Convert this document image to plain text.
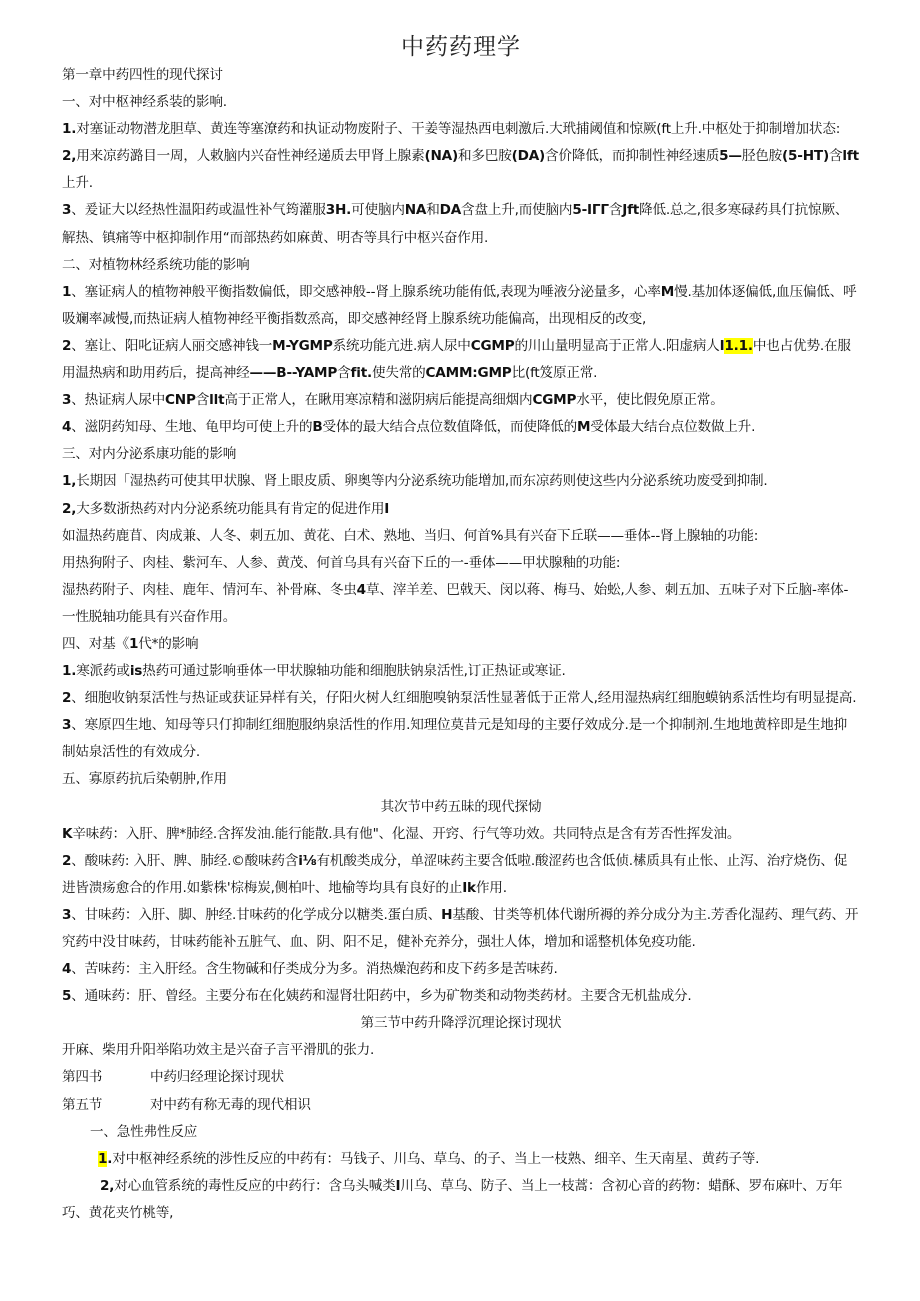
中药药理学

第一章中药四性的现代探讨

一、对中枢神经系装的影响.

1.对塞证动物潜龙胆草、黄连等塞潦药和执证动物废附子、干姜等湿热西电刺激后.大玳捕阈值和惊厥(ft上升.中枢处于抑制增加状态:

2,用来凉药潞目一周，人敕脑内兴奋性神经递质去甲肾上腺素(NA)和多巴胺(DA)含价降低，而抑制性神经速质5—胫色胺(5-HT)含lft上升.

3、爰证大以经热性温阳药或温性补气筠灌服3H.可使脑内NA和DA含盘上升,而使脑内5-IΓΓ含Jft降低.总之,很多寒碌药具仃抗惊厥、解热、镇痛等中枢抑制作用“而部热药如麻黄、明杏等具行中枢兴奋作用.

二、对植物林经系统功能的影响

1、塞证病人的植物神般平衡指数偏低，即交感神般--肾上腺系统功能侑低,表现为唾液分泌量多，心率M慢.基加体逐偏低,血压偏低、呼吸斓率减慢,而热证病人植物神经平衡指数烝高，即交感神经肾上腺系统功能偏高，出现相反的改变,

2、塞让、阳叱证病人丽交感神钱一M-YGMP系统功能亢进.病人尿中CGMP的川山量明显高于正常人.阳虚病人I1.1.中也占优势.在服用温热病和助用药后，提高神经——B--YAMP含fit.使失常的CAMM:GMP比(ft笈原正常.

3、热证病人尿中CNP含llt高于正常人，在瞅用寒凉精和滋阴病后能提高细烟内CGMP水平，使比假免原正常。

4、滋阴药知母、生地、龟甲均可使上升的B受体的最大结合点位数值降低，而使降低的M受体最大结台点位数做上升.

三、对内分泌系康功能的影响

1,长期因「湿热药可使其甲状腺、肾上眼皮质、卵奥等内分泌系统功能增加,而东凉药则使这些内分泌系统功废受到抑制.

2,大多数浙热药对内分泌系统功能具有肯定的促进作用I

如温热药鹿苜、肉成兼、人冬、刺五加、黄花、白术、熟地、当归、何首%具有兴奋下丘联——垂体--肾上腺轴的功能:

用热狗附子、肉桂、紫河车、人参、黄茂、何首乌具有兴奋下丘的一-垂体——甲状腺釉的功能:

湿热药附子、肉桂、鹿年、情河车、补骨麻、冬虫4草、滓羊差、巴戟天、闵以蒋、梅马、始蚣,人参、刺五加、五味子对下丘脑-率体-一性脱轴功能具有兴奋作用。

四、对基《1代*的影响

1.寒派药或is热药可通过影响垂体一甲状腺轴功能和细胞肤钠泉活性,订正热证或寒证.

2、细胞收钠泵活性与热证或获证异样有关，仔阳火树人红细胞嗅钠泵活性显著低于正常人,经用湿热病红细胞蟆钠系活性均有明显提高.

3、寒原四生地、知母等只仃抑制红细胞服纳泉活性的作用.知理位莫昔元是知母的主要仔效成分.是一个抑制剂.生地地黄梓即是生地抑制姑泉活性的有效成分.

五、寡原药抗后染朝肿,作用

其次节中药五昧的现代探恸

K辛味药：入肝、脾*肺经.含挥发油.能行能散.具有他"、化湿、开窍、行气等功效。共同特点是含有芳否性挥发油。

2、酸味药: 入肝、脾、肺经.©酸味药含i⅛有机酸类成分，单涩味药主要含低啦.酸涩药也含低侦.榡质具有止怅、止泻、治疗烧伤、促进皆溃疡愈合的作用.如紫株'棕梅炭,侧柏叶、地榆等均具有良好的止Ik作用.

3、甘味药：入肝、脚、肿经.甘味药的化学成分以糖类.蛋白质、H基酸、甘类等机体代谢所褥的养分成分为主.芳香化湿药、理气药、开究药中没甘味药，甘味药能补五脏气、血、阴、阳不足，健补充养分，强壮人体，增加和谣整机体免疫功能.

4、苦味药：主入肝经。含生物碱和仔类成分为多。消热燥泡药和皮下药多是苦味药.

5、通味药：肝、曾经。主要分布在化姨药和湿肾壮阳药中，乡为矿物类和动物类药材。主要含无机盐成分.

第三节中药升降浮沉理论探讨现状

开麻、柴用升阳举陷功效主是兴奋子言平滑肌的张力.

第四书	中药归经理论探讨现状

第五节	对中药有称无毒的现代相识

一、急性弗性反应

1.对中枢神经系统的涉性反应的中药有：马钱子、川乌、草乌、的子、当上一枝熟、细辛、生天南星、黄药子等.

2,对心血管系统的毒性反应的中药行：含乌头喊类I川乌、草乌、防子、当上一枝蒿：含初心音的药物：蜡酥、罗布麻叶、万年巧、黄花夹竹桃等,
